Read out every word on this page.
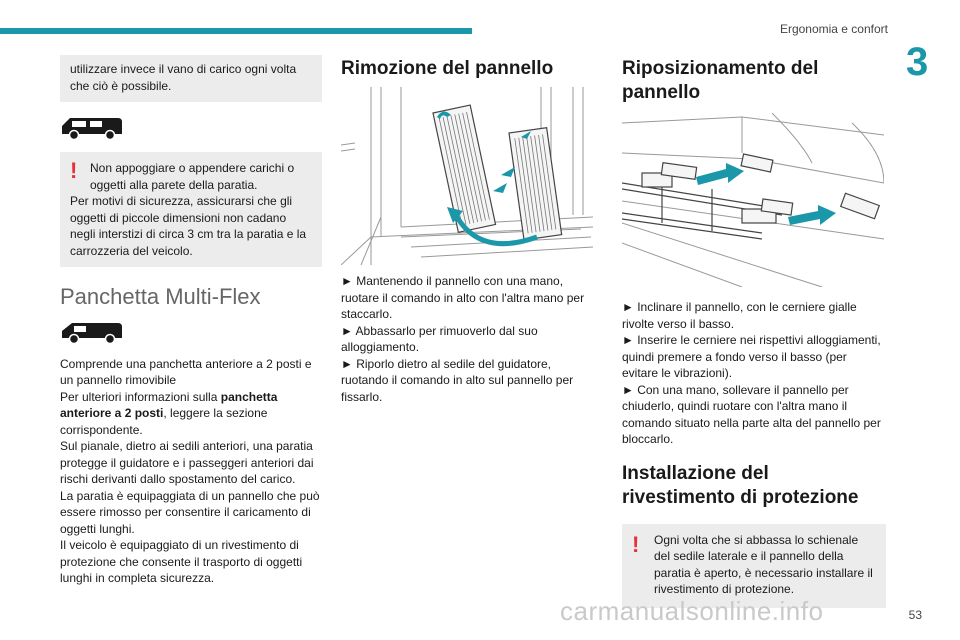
Ergonomia e confort
3

utilizzare invece il vano di carico ogni volta che ciò è possibile.

!	Non appoggiare o appendere carichi o oggetti alla parete della paratia.

Per motivi di sicurezza, assicurarsi che gli oggetti di piccole dimensioni non cadano negli interstizi di circa 3 cm tra la paratia e la carrozzeria del veicolo.

Panchetta Multi-Flex

Comprende una panchetta anteriore a 2 posti e un pannello rimovibile

Per ulteriori informazioni sulla panchetta anteriore a 2 posti, leggere la sezione corrispondente.

Sul pianale, dietro ai sedili anteriori, una paratia protegge il guidatore e i passeggeri anteriori dai rischi derivanti dallo spostamento del carico.

La paratia è equipaggiata di un pannello che può essere rimosso per consentire il caricamento di oggetti lunghi.

Il veicolo è equipaggiato di un rivestimento di protezione che consente il trasporto di oggetti lunghi in completa sicurezza.

Rimozione del pannello

► Mantenendo il pannello con una mano, ruotare il comando in alto con l'altra mano per staccarlo.

► Abbassarlo per rimuoverlo dal suo alloggiamento.

► Riporlo dietro al sedile del guidatore, ruotando il comando in alto sul pannello per fissarlo.

Riposizionamento del pannello

► Inclinare il pannello, con le cerniere gialle rivolte verso il basso.

► Inserire le cerniere nei rispettivi alloggiamenti, quindi premere a fondo verso il basso (per evitare le vibrazioni).

► Con una mano, sollevare il pannello per chiuderlo, quindi ruotare con l'altra mano il comando situato nella parte alta del pannello per bloccarlo.

Installazione del rivestimento di protezione
!	Ogni volta che si abbassa lo schienale del sedile laterale e il pannello della paratia è aperto, è necessario installare il rivestimento di protezione.

carmanualsonline.info	53
